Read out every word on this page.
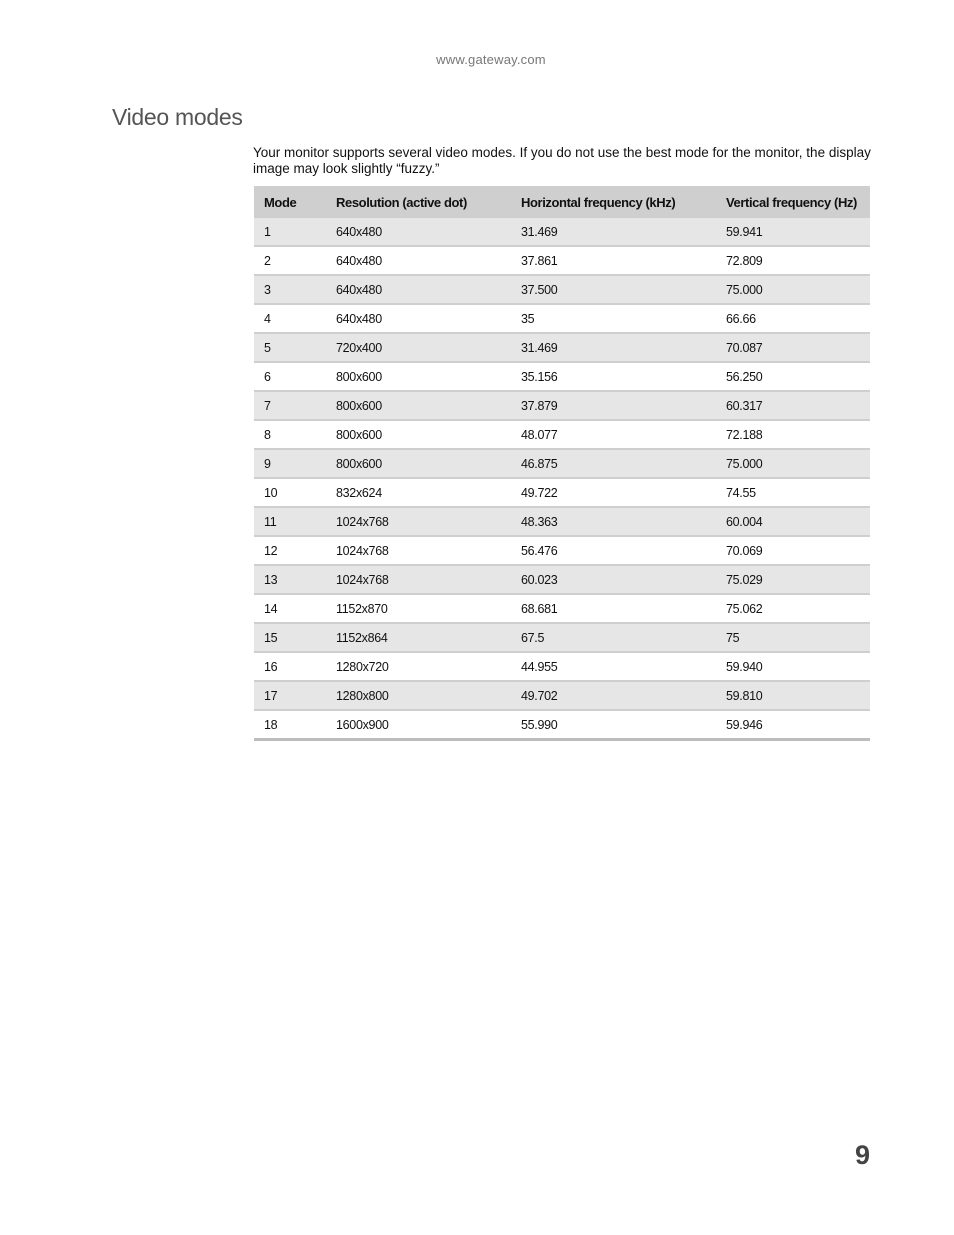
www.gateway.com
Video modes

Your monitor supports several video modes. If you do not use the best mode for the monitor, the display image may look slightly “fuzzy.”

Mode	Resolution (active dot)	Horizontal frequency (kHz)	Vertical frequency (Hz)
1	640x480	31.469	59.941
2	640x480	37.861	72.809
3	640x480	37.500	75.000
4	640x480	35	66.66
5	720x400	31.469	70.087
6	800x600	35.156	56.250
7	800x600	37.879	60.317
8	800x600	48.077	72.188
9	800x600	46.875	75.000
10	832x624	49.722	74.55
11	1024x768	48.363	60.004
12	1024x768	56.476	70.069
13	1024x768	60.023	75.029
14	1152x870	68.681	75.062
15	1152x864	67.5	75
16	1280x720	44.955	59.940
17	1280x800	49.702	59.810
18	1600x900	55.990	59.946
9
